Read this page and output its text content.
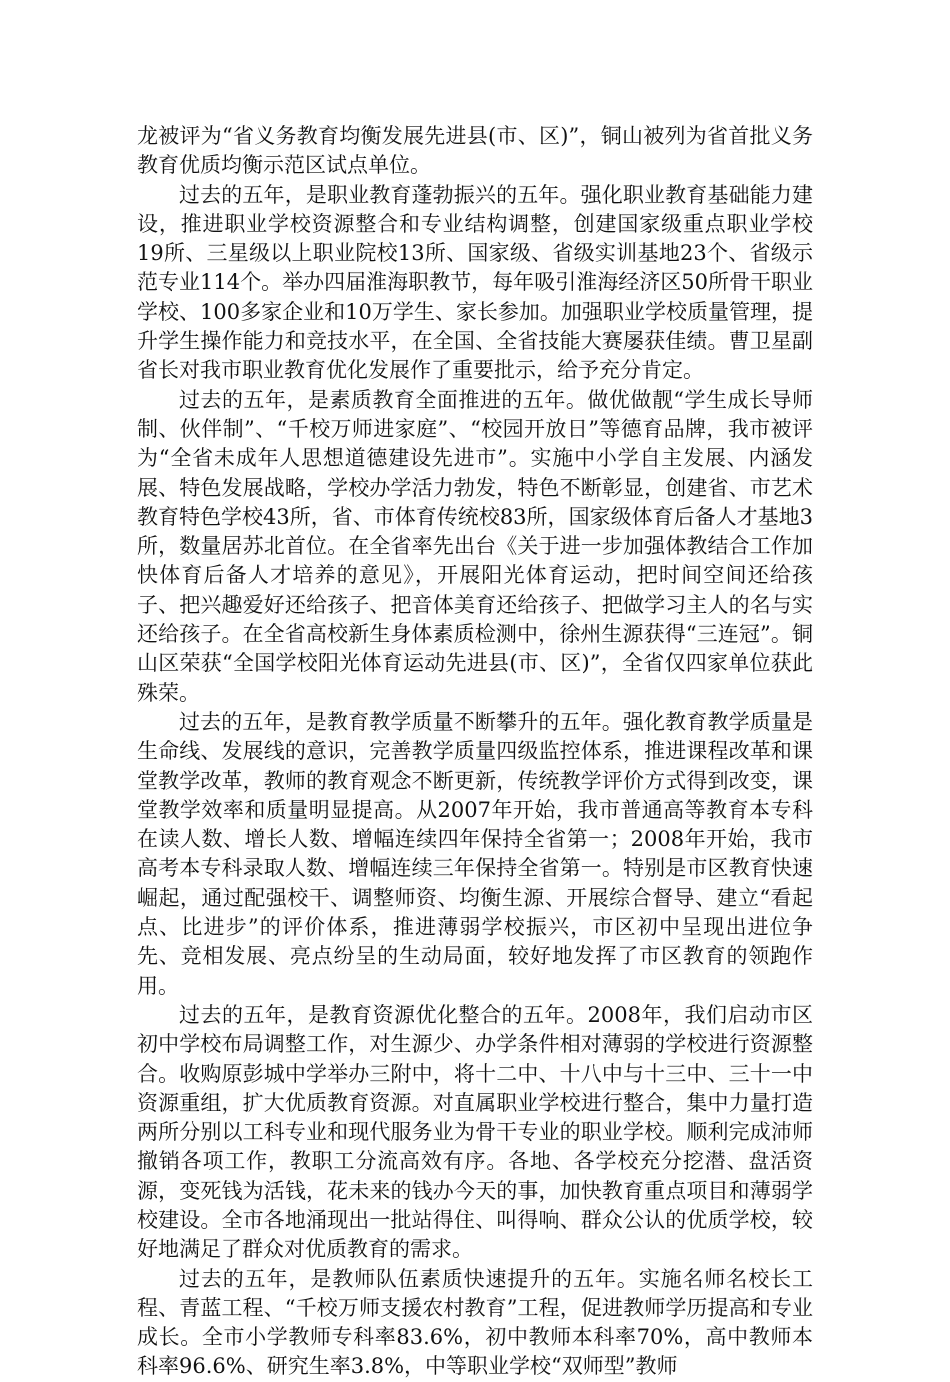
龙被评为“省义务教育均衡发展先进县(市、区)”，铜山被列为省首批义务教育优质均衡示范区试点单位。

过去的五年，是职业教育蓬勃振兴的五年。强化职业教育基础能力建设，推进职业学校资源整合和专业结构调整，创建国家级重点职业学校19所、三星级以上职业院校13所、国家级、省级实训基地23个、省级示范专业114个。举办四届淮海职教节，每年吸引淮海经济区50所骨干职业学校、100多家企业和10万学生、家长参加。加强职业学校质量管理，提升学生操作能力和竞技水平，在全国、全省技能大赛屡获佳绩。曹卫星副省长对我市职业教育优化发展作了重要批示，给予充分肯定。

过去的五年，是素质教育全面推进的五年。做优做靓“学生成长导师制、伙伴制”、“千校万师进家庭”、“校园开放日”等德育品牌，我市被评为“全省未成年人思想道德建设先进市”。实施中小学自主发展、内涵发展、特色发展战略，学校办学活力勃发，特色不断彰显，创建省、市艺术教育特色学校43所，省、市体育传统校83所，国家级体育后备人才基地3所，数量居苏北首位。在全省率先出台《关于进一步加强体教结合工作加快体育后备人才培养的意见》，开展阳光体育运动，把时间空间还给孩子、把兴趣爱好还给孩子、把音体美育还给孩子、把做学习主人的名与实还给孩子。在全省高校新生身体素质检测中，徐州生源获得“三连冠”。铜山区荣获“全国学校阳光体育运动先进县(市、区)”，全省仅四家单位获此殊荣。

过去的五年，是教育教学质量不断攀升的五年。强化教育教学质量是生命线、发展线的意识，完善教学质量四级监控体系，推进课程改革和课堂教学改革，教师的教育观念不断更新，传统教学评价方式得到改变，课堂教学效率和质量明显提高。从2007年开始，我市普通高等教育本专科在读人数、增长人数、增幅连续四年保持全省第一；2008年开始，我市高考本专科录取人数、增幅连续三年保持全省第一。特别是市区教育快速崛起，通过配强校干、调整师资、均衡生源、开展综合督导、建立“看起点、比进步”的评价体系，推进薄弱学校振兴，市区初中呈现出进位争先、竞相发展、亮点纷呈的生动局面，较好地发挥了市区教育的领跑作用。

过去的五年，是教育资源优化整合的五年。2008年，我们启动市区初中学校布局调整工作，对生源少、办学条件相对薄弱的学校进行资源整合。收购原彭城中学举办三附中，将十二中、十八中与十三中、三十一中资源重组，扩大优质教育资源。对直属职业学校进行整合，集中力量打造两所分别以工科专业和现代服务业为骨干专业的职业学校。顺利完成沛师撤销各项工作，教职工分流高效有序。各地、各学校充分挖潜、盘活资源，变死钱为活钱，花未来的钱办今天的事，加快教育重点项目和薄弱学校建设。全市各地涌现出一批站得住、叫得响、群众公认的优质学校，较好地满足了群众对优质教育的需求。

过去的五年，是教师队伍素质快速提升的五年。实施名师名校长工程、青蓝工程、“千校万师支援农村教育”工程，促进教师学历提高和专业成长。全市小学教师专科率83.6%，初中教师本科率70%，高中教师本科率96.6%、研究生率3.8%，中等职业学校“双师型”教师
